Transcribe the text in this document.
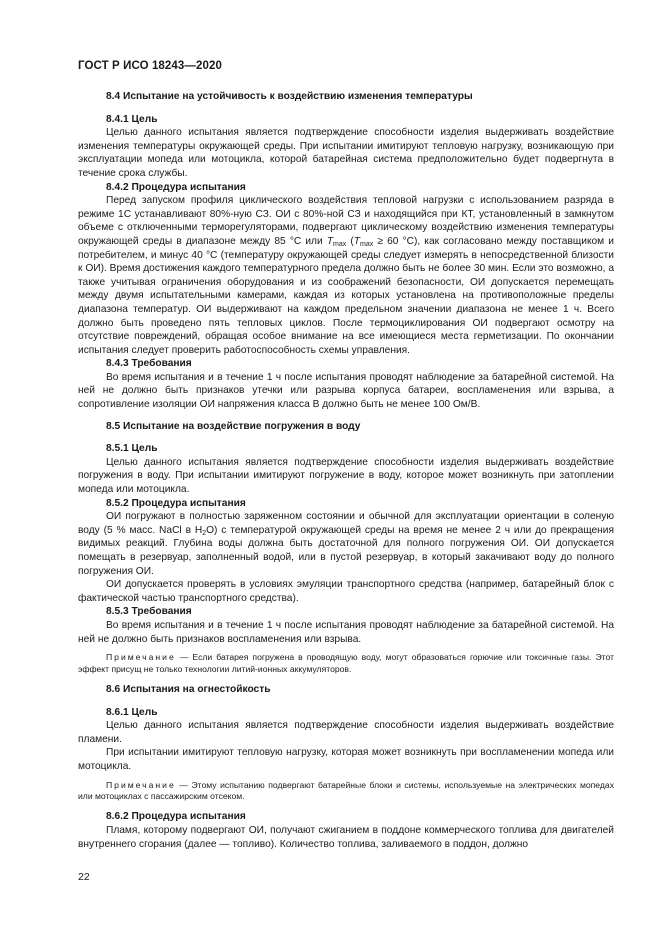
ГОСТ Р ИСО 18243—2020
8.4 Испытание на устойчивость к воздействию изменения температуры
8.4.1 Цель

Целью данного испытания является подтверждение способности изделия выдерживать воздействие изменения температуры окружающей среды. При испытании имитируют тепловую нагрузку, возникающую при эксплуатации мопеда или мотоцикла, которой батарейная система предположительно будет подвергнута в течение срока службы.

8.4.2 Процедура испытания

Перед запуском профиля циклического воздействия тепловой нагрузки с использованием разряда в режиме 1С устанавливают 80%-ную СЗ. ОИ с 80%-ной СЗ и находящийся при КТ, установленный в замкнутом объеме с отключенными терморегуляторами, подвергают циклическому воздействию изменения температуры окружающей среды в диапазоне между 85 °С или $T_{max}$ ($T_{max} \ge 60$ °С), как согласовано между поставщиком и потребителем, и минус 40 °С (температуру окружающей среды следует измерять в непосредственной близости к ОИ). Время достижения каждого температурного предела должно быть не более 30 мин. Если это возможно, а также учитывая ограничения оборудования и из соображений безопасности, ОИ допускается перемещать между двумя испытательными камерами, каждая из которых установлена на противоположные пределы диапазона температур. ОИ выдерживают на каждом предельном значении диапазона не менее 1 ч. Всего должно быть проведено пять тепловых циклов. После термоциклирования ОИ подвергают осмотру на отсутствие повреждений, обращая особое внимание на все имеющиеся места герметизации. По окончании испытания следует проверить работоспособность схемы управления.

8.4.3 Требования

Во время испытания и в течение 1 ч после испытания проводят наблюдение за батарейной системой. На ней не должно быть признаков утечки или разрыва корпуса батареи, воспламенения или взрыва, а сопротивление изоляции ОИ напряжения класса В должно быть не менее 100 Ом/В.

8.5 Испытание на воздействие погружения в воду
8.5.1 Цель

Целью данного испытания является подтверждение способности изделия выдерживать воздействие погружения в воду. При испытании имитируют погружение в воду, которое может возникнуть при затоплении мопеда или мотоцикла.

8.5.2 Процедура испытания

ОИ погружают в полностью заряженном состоянии и обычной для эксплуатации ориентации в соленую воду (5 % масс. NaCl в $H_2O$) с температурой окружающей среды на время не менее 2 ч или до прекращения видимых реакций. Глубина воды должна быть достаточной для полного погружения ОИ. ОИ допускается помещать в резервуар, заполненный водой, или в пустой резервуар, в который закачивают воду до полного погружения ОИ.

ОИ допускается проверять в условиях эмуляции транспортного средства (например, батарейный блок с фактической частью транспортного средства).

8.5.3 Требования

Во время испытания и в течение 1 ч после испытания проводят наблюдение за батарейной системой. На ней не должно быть признаков воспламенения или взрыва.

Примечание — Если батарея погружена в проводящую воду, могут образоваться горючие или токсичные газы. Этот эффект присущ не только технологии литий-ионных аккумуляторов.

8.6 Испытания на огнестойкость
8.6.1 Цель

Целью данного испытания является подтверждение способности изделия выдерживать воздействие пламени.

При испытании имитируют тепловую нагрузку, которая может возникнуть при воспламенении мопеда или мотоцикла.

Примечание — Этому испытанию подвергают батарейные блоки и системы, используемые на электрических мопедах или мотоциклах с пассажирским отсеком.

8.6.2 Процедура испытания

Пламя, которому подвергают ОИ, получают сжиганием в поддоне коммерческого топлива для двигателей внутреннего сгорания (далее — топливо). Количество топлива, заливаемого в поддон, должно

22
